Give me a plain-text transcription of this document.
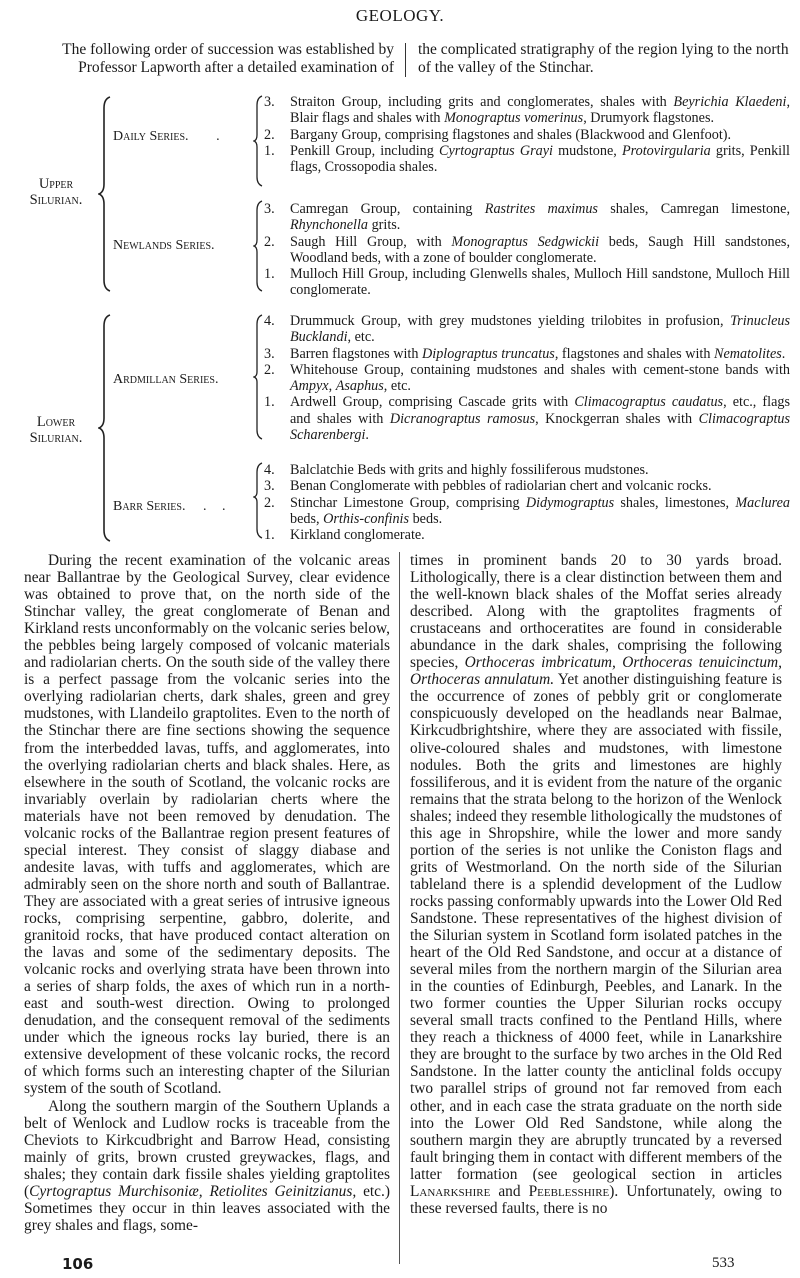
GEOLOGY.
The following order of succession was established by Professor Lapworth after a detailed examination of
the complicated stratigraphy of the region lying to the north of the valley of the Stinchar.
Upper
Silurian.
Daily Series. .
3. Straiton Group, including grits and conglomerates, shales with Beyrichia Klaedeni, Blair flags and shales with Monograptus vomerinus, Drumyork flagstones.
2. Bargany Group, comprising flagstones and shales (Blackwood and Glenfoot).
1. Penkill Group, including Cyrtograptus Grayi mudstone, Protovirgularia grits, Penkill flags, Crossopodia shales.
Newlands Series.
3. Camregan Group, containing Rastrites maximus shales, Camregan limestone, Rhynchonella grits.
2. Saugh Hill Group, with Monograptus Sedgwickii beds, Saugh Hill sandstones, Woodland beds, with a zone of boulder conglomerate.
1. Mulloch Hill Group, including Glenwells shales, Mulloch Hill sandstone, Mulloch Hill conglomerate.
Lower
Silurian.
Ardmillan Series.
4. Drummuck Group, with grey mudstones yielding trilobites in profusion, Trinucleus Bucklandi, etc.
3. Barren flagstones with Diplograptus truncatus, flagstones and shales with Nematolites.
2. Whitehouse Group, containing mudstones and shales with cement-stone bands with Ampyx, Asaphus, etc.
1. Ardwell Group, comprising Cascade grits with Climacograptus caudatus, etc., flags and shales with Dicranograptus ramosus, Knockgerran shales with Climacograptus Scharenbergi.
Barr Series. . .
4. Balclatchie Beds with grits and highly fossiliferous mudstones.
3. Benan Conglomerate with pebbles of radiolarian chert and volcanic rocks.
2. Stinchar Limestone Group, comprising Didymograptus shales, limestones, Maclurea beds, Orthis-confinis beds.
1. Kirkland conglomerate.

During the recent examination of the volcanic areas near Ballantrae by the Geological Survey, clear evidence was obtained to prove that, on the north side of the Stinchar valley, the great conglomerate of Benan and Kirkland rests unconformably on the volcanic series below, the pebbles being largely composed of volcanic materials and radiolarian cherts. On the south side of the valley there is a perfect passage from the volcanic series into the overlying radiolarian cherts, dark shales, green and grey mudstones, with Llandeilo graptolites. Even to the north of the Stinchar there are fine sections showing the sequence from the interbedded lavas, tuffs, and agglomerates, into the overlying radiolarian cherts and black shales. Here, as elsewhere in the south of Scotland, the volcanic rocks are invariably overlain by radiolarian cherts where the materials have not been removed by denudation. The volcanic rocks of the Ballantrae region present features of special interest. They consist of slaggy diabase and andesite lavas, with tuffs and agglomerates, which are admirably seen on the shore north and south of Ballantrae. They are associated with a great series of intrusive igneous rocks, comprising serpentine, gabbro, dolerite, and granitoid rocks, that have produced contact alteration on the lavas and some of the sedimentary deposits. The volcanic rocks and overlying strata have been thrown into a series of sharp folds, the axes of which run in a north-east and south-west direction. Owing to prolonged denudation, and the consequent removal of the sediments under which the igneous rocks lay buried, there is an extensive development of these volcanic rocks, the record of which forms such an interesting chapter of the Silurian system of the south of Scotland.

Along the southern margin of the Southern Uplands a belt of Wenlock and Ludlow rocks is traceable from the Cheviots to Kirkcudbright and Barrow Head, consisting mainly of grits, brown crusted greywackes, flags, and shales; they contain dark fissile shales yielding graptolites (Cyrtograptus Murchisoniæ, Retiolites Geinitzianus, etc.) Sometimes they occur in thin leaves associated with the grey shales and flags, some-

times in prominent bands 20 to 30 yards broad. Lithologically, there is a clear distinction between them and the well-known black shales of the Moffat series already described. Along with the graptolites fragments of crustaceans and orthoceratites are found in considerable abundance in the dark shales, comprising the following species, Orthoceras imbricatum, Orthoceras tenuicinctum, Orthoceras annulatum. Yet another distinguishing feature is the occurrence of zones of pebbly grit or conglomerate conspicuously developed on the headlands near Balmae, Kirkcudbrightshire, where they are associated with fissile, olive-coloured shales and mudstones, with limestone nodules. Both the grits and limestones are highly fossiliferous, and it is evident from the nature of the organic remains that the strata belong to the horizon of the Wenlock shales; indeed they resemble lithologically the mudstones of this age in Shropshire, while the lower and more sandy portion of the series is not unlike the Coniston flags and grits of Westmorland. On the north side of the Silurian tableland there is a splendid development of the Ludlow rocks passing conformably upwards into the Lower Old Red Sandstone. These representatives of the highest division of the Silurian system in Scotland form isolated patches in the heart of the Old Red Sandstone, and occur at a distance of several miles from the northern margin of the Silurian area in the counties of Edinburgh, Peebles, and Lanark. In the two former counties the Upper Silurian rocks occupy several small tracts confined to the Pentland Hills, where they reach a thickness of 4000 feet, while in Lanarkshire they are brought to the surface by two arches in the Old Red Sandstone. In the latter county the anticlinal folds occupy two parallel strips of ground not far removed from each other, and in each case the strata graduate on the north side into the Lower Old Red Sandstone, while along the southern margin they are abruptly truncated by a reversed fault bringing them in contact with different members of the latter formation (see geological section in articles Lanarkshire and Peeblesshire). Unfortunately, owing to these reversed faults, there is no

106	533
